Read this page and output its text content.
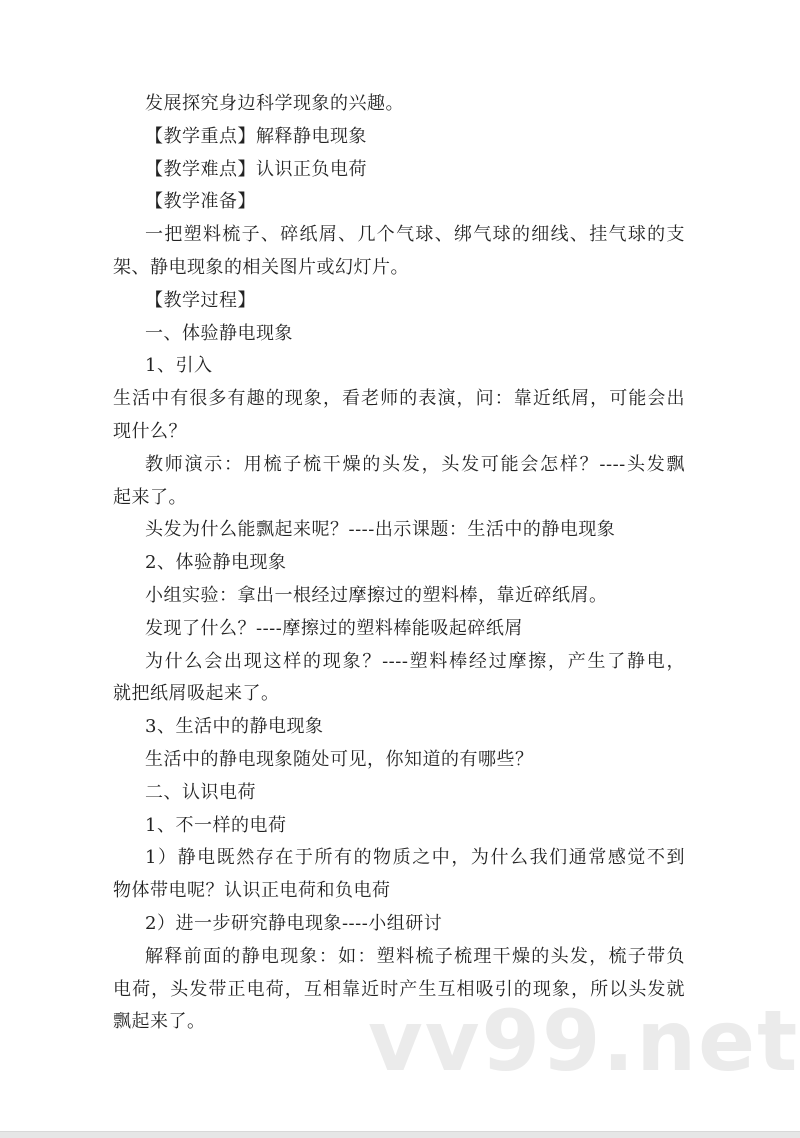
发展探究身边科学现象的兴趣。
【教学重点】解释静电现象
【教学难点】认识正负电荷
【教学准备】
一把塑料梳子、碎纸屑、几个气球、绑气球的细线、挂气球的支
架、静电现象的相关图片或幻灯片。
【教学过程】
一、体验静电现象
1、引入
生活中有很多有趣的现象，看老师的表演，问：靠近纸屑，可能会出
现什么？
教师演示：用梳子梳干燥的头发，头发可能会怎样？----头发飘
起来了。
头发为什么能飘起来呢？----出示课题：生活中的静电现象
2、体验静电现象
小组实验：拿出一根经过摩擦过的塑料棒，靠近碎纸屑。
发现了什么？----摩擦过的塑料棒能吸起碎纸屑
为什么会出现这样的现象？----塑料棒经过摩擦，产生了静电，
就把纸屑吸起来了。
3、生活中的静电现象
生活中的静电现象随处可见，你知道的有哪些？
二、认识电荷
1、不一样的电荷
1）静电既然存在于所有的物质之中，为什么我们通常感觉不到
物体带电呢？认识正电荷和负电荷
2）进一步研究静电现象----小组研讨
解释前面的静电现象：如：塑料梳子梳理干燥的头发，梳子带负
电荷，头发带正电荷，互相靠近时产生互相吸引的现象，所以头发就
飘起来了。	vv99.net
